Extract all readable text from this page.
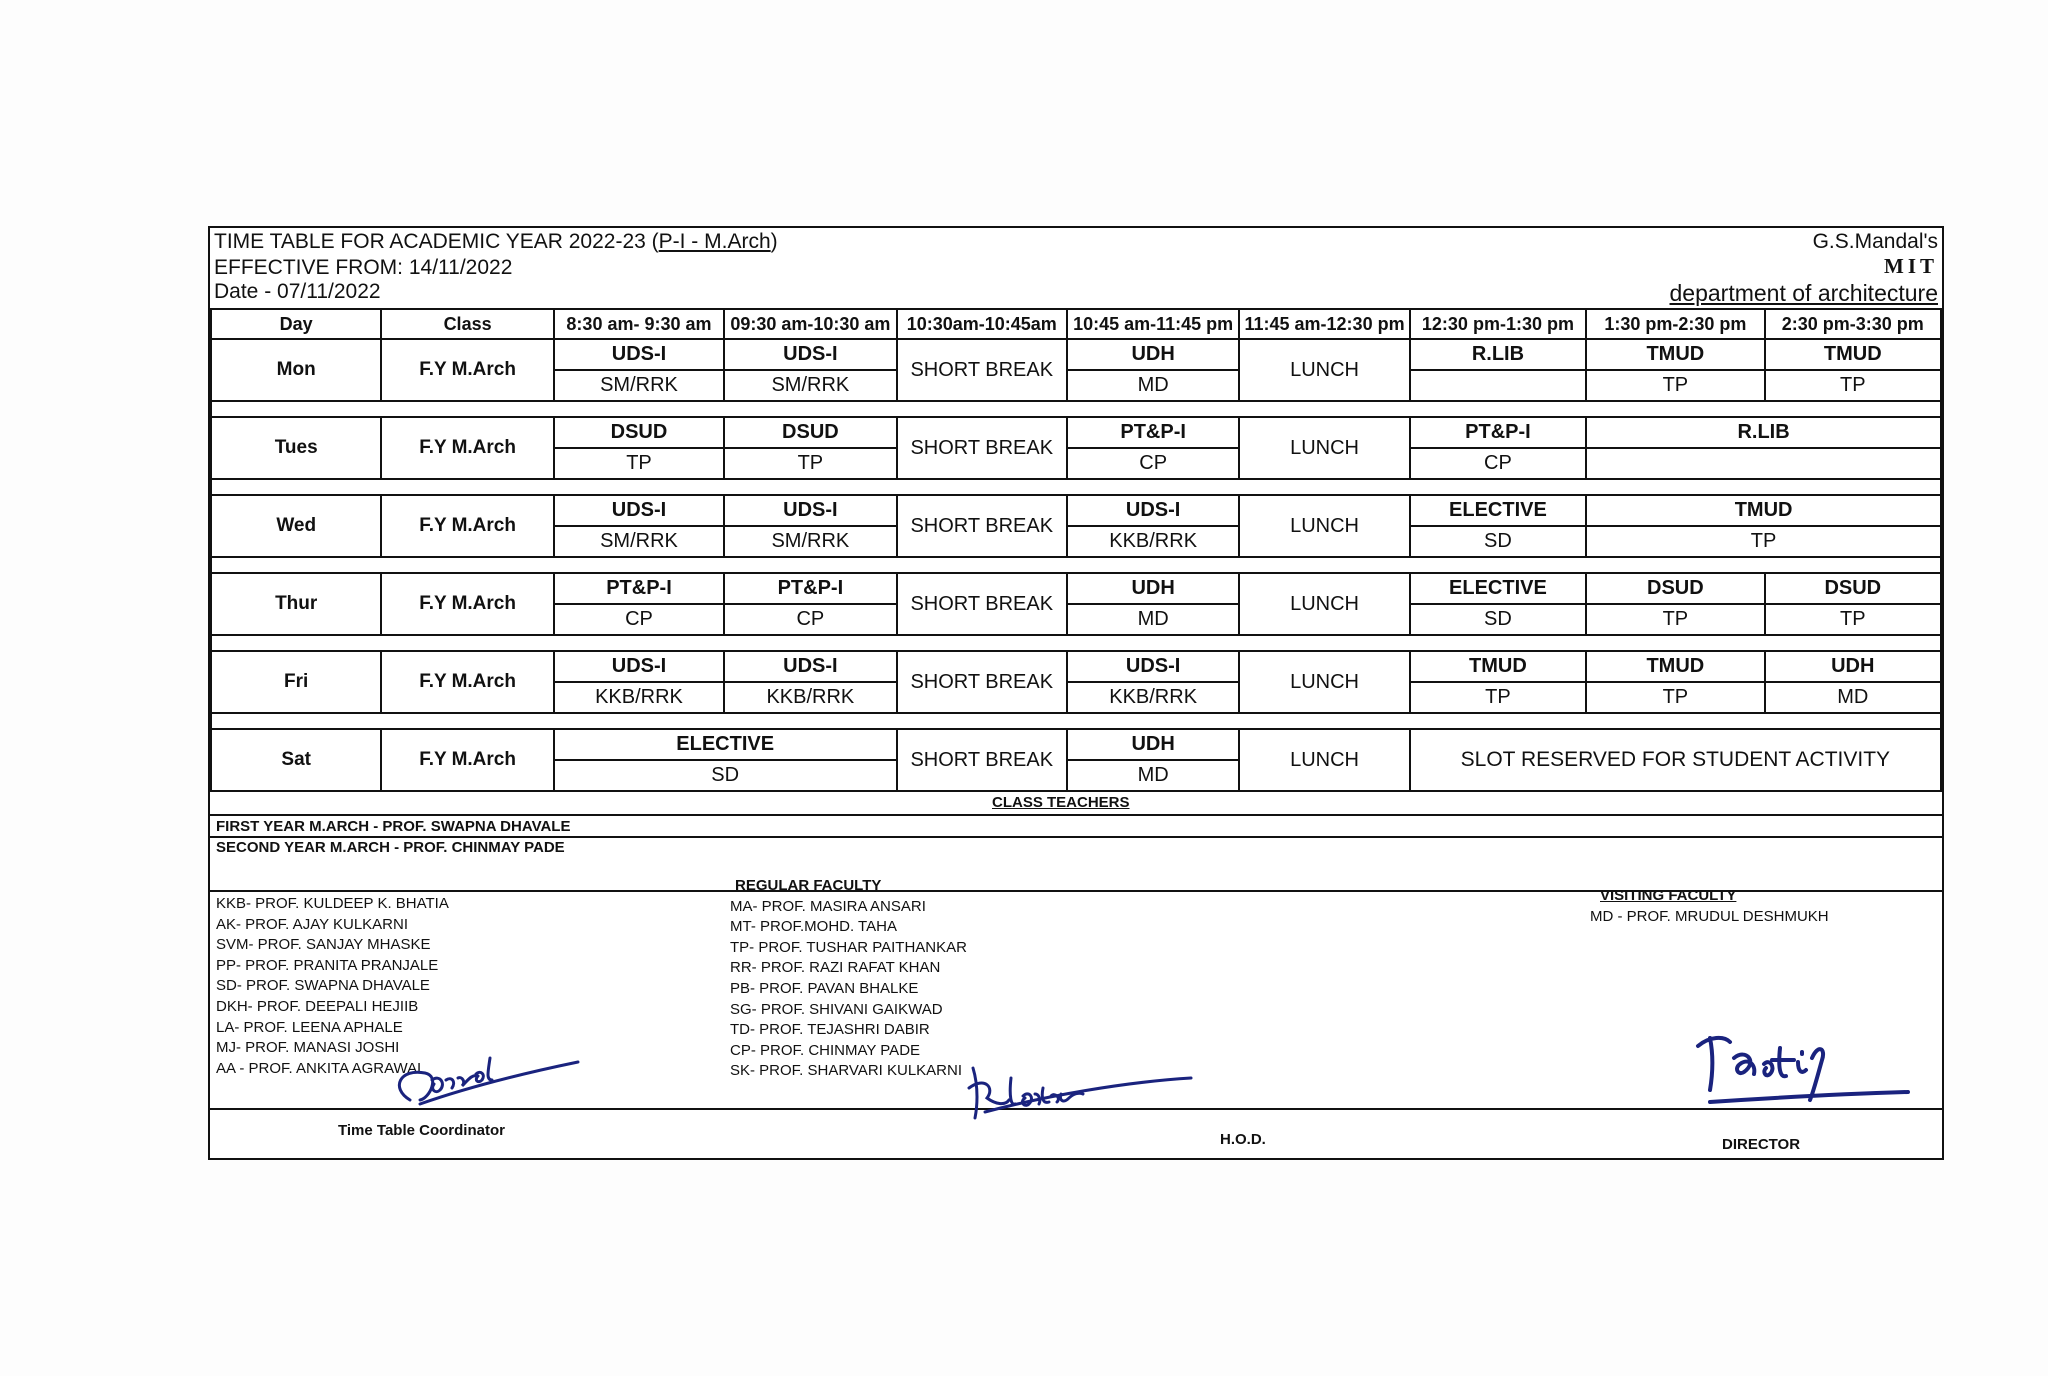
TIME TABLE FOR ACADEMIC YEAR 2022-23 (P-I - M.Arch)
EFFECTIVE FROM: 14/11/2022
Date - 07/11/2022
G.S.Mandal's
MIT
department of architecture
Day	Class	8:30 am- 9:30 am	09:30 am-10:30 am	10:30am-10:45am	10:45 am-11:45 pm	11:45 am-12:30 pm	12:30 pm-1:30 pm	1:30 pm-2:30 pm	2:30 pm-3:30 pm
Mon	F.Y M.Arch	UDS-I	UDS-I	SHORT BREAK	UDH	LUNCH	R.LIB	TMUD	TMUD
		SM/RRK	SM/RRK		MD			TP	TP

Tues	F.Y M.Arch	DSUD	DSUD	SHORT BREAK	PT&P-I	LUNCH	PT&P-I	R.LIB	
		TP	TP		CP		CP		

Wed	F.Y M.Arch	UDS-I	UDS-I	SHORT BREAK	UDS-I	LUNCH	ELECTIVE	TMUD	
		SM/RRK	SM/RRK		KKB/RRK		SD	TP	

Thur	F.Y M.Arch	PT&P-I	PT&P-I	SHORT BREAK	UDH	LUNCH	ELECTIVE	DSUD	DSUD
		CP	CP		MD		SD	TP	TP

Fri	F.Y M.Arch	UDS-I	UDS-I	SHORT BREAK	UDS-I	LUNCH	TMUD	TMUD	UDH
		KKB/RRK	KKB/RRK		KKB/RRK		TP	TP	MD

Sat	F.Y M.Arch	ELECTIVE		SHORT BREAK	UDH	LUNCH	SLOT RESERVED FOR STUDENT ACTIVITY		
		SD			MD				
CLASS TEACHERS
FIRST YEAR M.ARCH - PROF. SWAPNA DHAVALE
SECOND YEAR M.ARCH - PROF. CHINMAY PADE
KKB- PROF. KULDEEP K. BHATIA
AK- PROF. AJAY KULKARNI
SVM- PROF. SANJAY MHASKE
PP- PROF. PRANITA PRANJALE
SD- PROF. SWAPNA DHAVALE
DKH- PROF. DEEPALI HEJIIB
LA- PROF. LEENA APHALE
MJ- PROF. MANASI JOSHI
AA - PROF. ANKITA AGRAWAL
REGULAR FACULTY
MA- PROF. MASIRA ANSARI
MT- PROF.MOHD. TAHA
TP- PROF. TUSHAR PAITHANKAR
RR- PROF. RAZI RAFAT KHAN
PB- PROF. PAVAN BHALKE
SG- PROF. SHIVANI GAIKWAD
TD- PROF. TEJASHRI DABIR
CP- PROF. CHINMAY PADE
SK- PROF. SHARVARI KULKARNI
VISITING FACULTY
MD - PROF. MRUDUL DESHMUKH
Time Table Coordinator
H.O.D.	DIRECTOR
